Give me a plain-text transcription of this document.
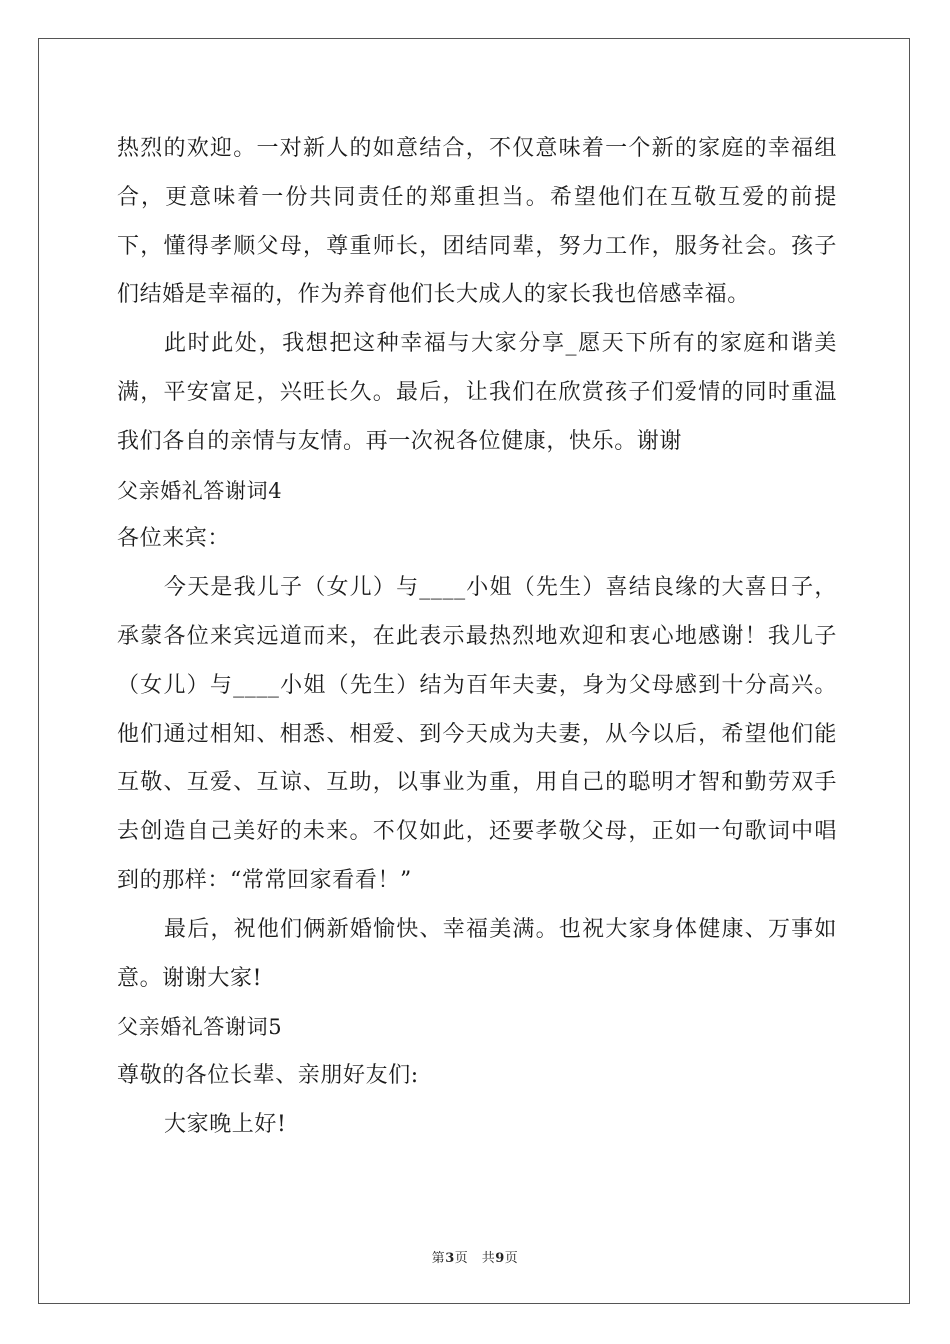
热烈的欢迎。一对新人的如意结合，不仅意味着一个新的家庭的幸福组合，更意味着一份共同责任的郑重担当。希望他们在互敬互爱的前提下，懂得孝顺父母，尊重师长，团结同辈，努力工作，服务社会。孩子们结婚是幸福的，作为养育他们长大成人的家长我也倍感幸福。

此时此处，我想把这种幸福与大家分享_愿天下所有的家庭和谐美满，平安富足，兴旺长久。最后，让我们在欣赏孩子们爱情的同时重温我们各自的亲情与友情。再一次祝各位健康，快乐。谢谢

父亲婚礼答谢词4

各位来宾：

今天是我儿子（女儿）与____小姐（先生）喜结良缘的大喜日子，承蒙各位来宾远道而来，在此表示最热烈地欢迎和衷心地感谢！我儿子（女儿）与____小姐（先生）结为百年夫妻，身为父母感到十分高兴。他们通过相知、相悉、相爱、到今天成为夫妻，从今以后，希望他们能互敬、互爱、互谅、互助，以事业为重，用自己的聪明才智和勤劳双手去创造自己美好的未来。不仅如此，还要孝敬父母，正如一句歌词中唱到的那样：“常常回家看看！”

最后，祝他们俩新婚愉快、幸福美满。也祝大家身体健康、万事如意。谢谢大家!

父亲婚礼答谢词5

尊敬的各位长辈、亲朋好友们:

大家晚上好!

第3页　共9页
